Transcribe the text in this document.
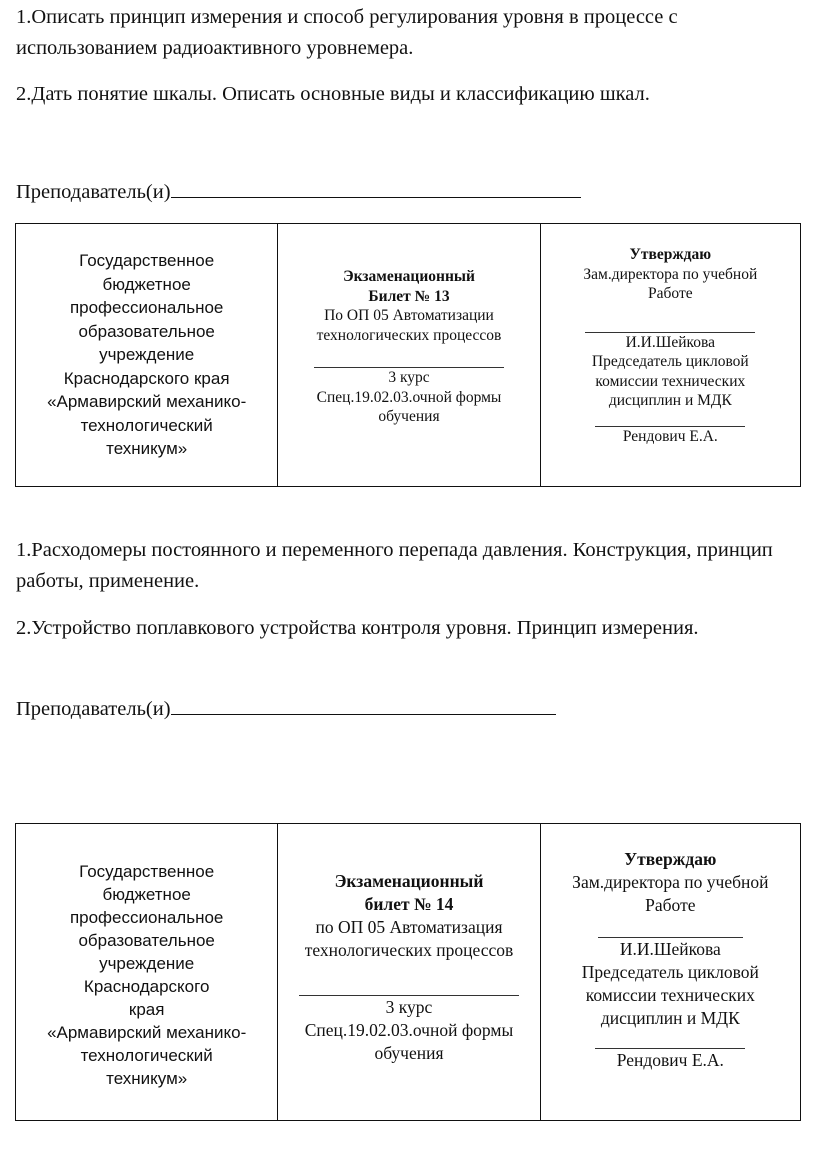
1.Описать принцип измерения и способ регулирования уровня в процессе с использованием радиоактивного уровнемера.

2.Дать понятие шкалы. Описать основные виды и классификацию шкал.

Преподаватель(и)
Государственное
бюджетное
профессиональное
образовательное
учреждение
Краснодарского края
«Армавирский механико-
технологический
техникум»
Экзаменационный
Билет № 13
По ОП 05 Автоматизации
технологических процессов
3 курс
Спец.19.02.03.очной формы
обучения
Утверждаю
Зам.директора по учебной
Работе
И.И.Шейкова
Председатель цикловой
комиссии технических
дисциплин и МДК
Рендович Е.А.

1.Расходомеры постоянного и переменного перепада давления. Конструкция, принцип работы, применение.

2.Устройство поплавкового устройства контроля уровня. Принцип измерения.

Преподаватель(и)
Государственное
бюджетное
профессиональное
образовательное
учреждение
Краснодарского
края
«Армавирский механико-
технологический
техникум»
Экзаменационный
билет № 14
по ОП 05 Автоматизация
технологических процессов
3 курс
Спец.19.02.03.очной формы
обучения
Утверждаю
Зам.директора по учебной
Работе
И.И.Шейкова
Председатель цикловой
комиссии технических
дисциплин и МДК
Рендович Е.А.
